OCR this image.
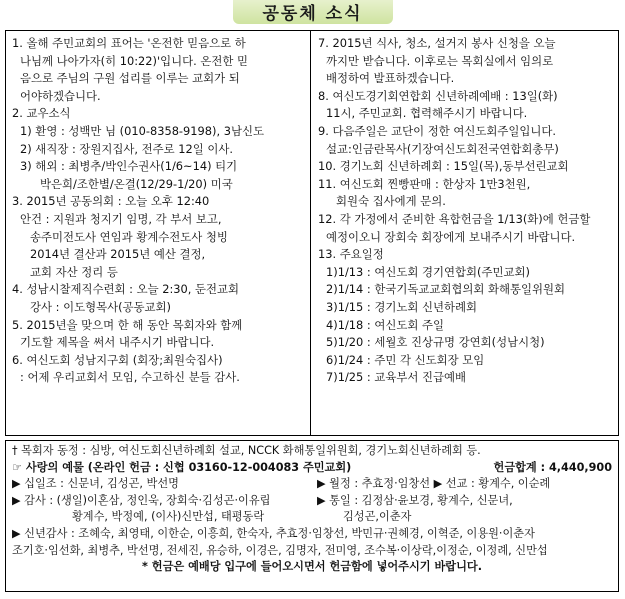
공동체 소식
1. 올해 주민교회의 표어는 '온전한 믿음으로 하
나님께 나아가자(히 10:22)'입니다. 온전한 믿
음으로 주님의 구원 섭리를 이루는 교회가 되
어야하겠습니다.
2. 교우소식
1) 환영 : 성백만 님 (010-8358-9198), 3남신도
2) 새직장 : 장원지집사, 전주로 12일 이사.
3) 해외 : 최병추/박인수권사(1/6~14) 티기
박은희/조한별/온결(12/29-1/20) 미국
3. 2015년 공동의회 : 오늘 오후 12:40
안건 : 지원과 청지기 임명, 각 부서 보고,
송주미전도사 연임과 황계수전도사 청빙
2014년 결산과 2015년 예산 결정,
교회 자산 정리 등
4. 성남시찰제직수련회 : 오늘 2:30, 둔전교회
강사 : 이도형목사(공동교회)
5. 2015년을 맞으며 한 해 동안 목회자와 함께
기도할 제목을 써서 내주시기 바랍니다.
6. 여신도회 성남지구회 (회장;최원숙집사)
: 어제 우리교회서 모임, 수고하신 분들 감사.
7. 2015년 식사, 청소, 설거지 봉사 신청을 오늘
까지만 받습니다. 이후로는 목회실에서 임의로
배정하여 발표하겠습니다.
8. 여신도경기회연합회 신년하례예배 : 13일(화)
11시, 주민교회. 협력해주시기 바랍니다.
9. 다음주일은 교단이 정한 여신도회주일입니다.
설교:인금란목사(기장여신도회전국연합회총무)
10. 경기노회 신년하례회 : 15일(목),동부선린교회
11. 여신도회 찐빵판매 : 한상자 1만3천원,
회원숙 집사에게 문의.
12. 각 가정에서 준비한 욕합헌금을 1/13(화)에 헌금할
예정이오니 장회숙 회장에게 보내주시기 바랍니다.
13. 주요일정
1)1/13 : 여신도회 경기연합회(주민교회)
2)1/14 : 한국기독교교회협의회 화해통일위원회
3)1/15 : 경기노회 신년하례회
4)1/18 : 여신도회 주일
5)1/20 : 세월호 진상규명 강연회(성남시청)
6)1/24 : 주민 각 신도회장 모임
7)1/25 : 교육부서 진급예배
† 목회자 동정 : 심방, 여신도회신년하례회 설교, NCCK 화해통일위원회, 경기노회신년하례회 등.
☞ 사랑의 예물 (온라인 헌금 : 신협 03160-12-004083 주민교회)	헌금합계 : 4,440,900
▶ 십일조 : 신문녀, 김성곤, 박선명	▶ 월정 : 추효정·임창선 ▶ 선교 : 황계수, 이순례
▶ 감사 : (생일)이혼삼, 정인욱, 장회숙·김성곤·이유립	▶ 통일 : 김정삼·윤보경, 황계수, 신문녀,
황계수, 박정예, (이사)신만섭, 태평동락	김성곤,이춘자
▶ 신년감사 : 조혜숙, 최영태, 이한순, 이흥희, 한숙자, 추효정·임창선, 박민규·권혜경, 이혁준, 이용원·이춘자
조기호·임선화, 최병추, 박선명, 전세진, 유승하, 이경은, 김명자, 전미영, 조수복·이상락,이정순, 이정례, 신만섭
* 헌금은 예배당 입구에 들어오시면서 헌금함에 넣어주시기 바랍니다.
